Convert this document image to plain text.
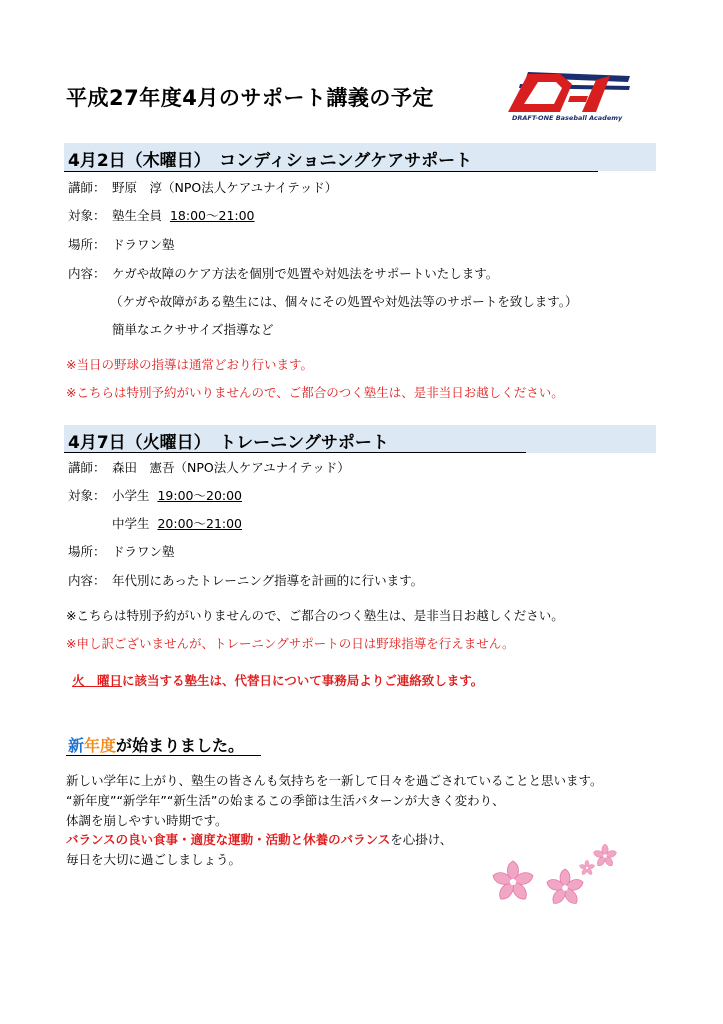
平成27年度4月のサポート講義の予定
DRAFT-ONE Baseball Academy
4月2日（木曜日）　コンディショニングケアサポート
講師： 野原　淳（NPO法人ケアユナイテッド）
対象： 塾生全員 18:00～21:00
場所： ドラワン塾
内容： ケガや故障のケア方法を個別で処置や対処法をサポートいたします。
（ケガや故障がある塾生には、個々にその処置や対処法等のサポートを致します。）
簡単なエクササイズ指導など
※当日の野球の指導は通常どおり行います。
※こちらは特別予約がいりませんので、ご都合のつく塾生は、是非当日お越しください。
4月7日（火曜日）　トレーニングサポート
講師： 森田　憲吾（NPO法人ケアユナイテッド）
対象： 小学生 19:00～20:00
中学生 20:00～21:00
場所： ドラワン塾
内容： 年代別にあったトレーニング指導を計画的に行います。
※こちらは特別予約がいりませんので、ご都合のつく塾生は、是非当日お越しください。
※申し訳ございませんが、トレーニングサポートの日は野球指導を行えません。
火　曜日に該当する塾生は、代替日について事務局よりご連絡致します。
新年度が始まりました。
新しい学年に上がり、塾生の皆さんも気持ちを一新して日々を過ごされていることと思います。
“新年度”“新学年”“新生活”の始まるこの季節は生活パターンが大きく変わり、
体調を崩しやすい時期です。
バランスの良い食事・適度な運動・活動と休養のバランスを心掛け、
毎日を大切に過ごしましょう。
